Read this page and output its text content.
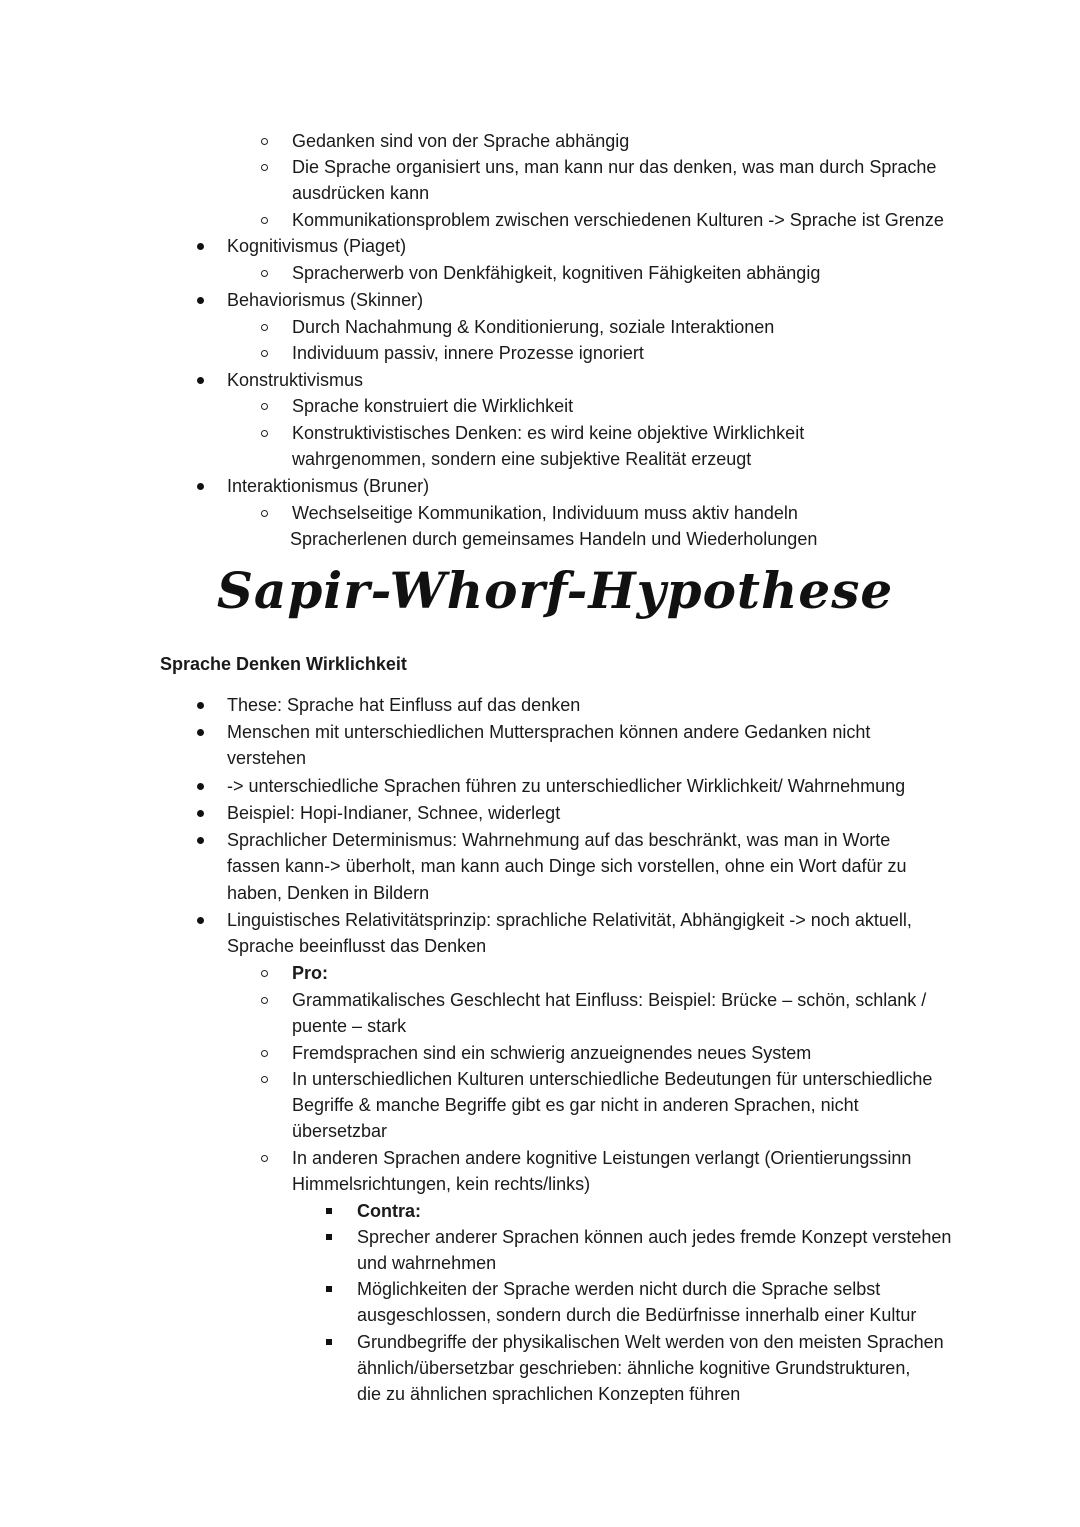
Gedanken sind von der Sprache abhängig
Die Sprache organisiert uns, man kann nur das denken, was man durch Sprache
ausdrücken kann
Kommunikationsproblem zwischen verschiedenen Kulturen -> Sprache ist Grenze
Kognitivismus (Piaget)
Spracherwerb von Denkfähigkeit, kognitiven Fähigkeiten abhängig
Behaviorismus (Skinner)
Durch Nachahmung & Konditionierung, soziale Interaktionen
Individuum passiv, innere Prozesse ignoriert
Konstruktivismus
Sprache konstruiert die Wirklichkeit
Konstruktivistisches Denken: es wird keine objektive Wirklichkeit
wahrgenommen, sondern eine subjektive Realität erzeugt
Interaktionismus (Bruner)
Wechselseitige Kommunikation, Individuum muss aktiv handeln
Spracherlenen durch gemeinsames Handeln und Wiederholungen
Sapir-Whorf-Hypothese
Sprache Denken Wirklichkeit
These: Sprache hat Einfluss auf das denken
Menschen mit unterschiedlichen Muttersprachen können andere Gedanken nicht
verstehen
-> unterschiedliche Sprachen führen zu unterschiedlicher Wirklichkeit/ Wahrnehmung
Beispiel: Hopi-Indianer, Schnee, widerlegt
Sprachlicher Determinismus: Wahrnehmung auf das beschränkt, was man in Worte
fassen kann-> überholt, man kann auch Dinge sich vorstellen, ohne ein Wort dafür zu
haben, Denken in Bildern
Linguistisches Relativitätsprinzip: sprachliche Relativität, Abhängigkeit -> noch aktuell,
Sprache beeinflusst das Denken
Pro:
Grammatikalisches Geschlecht hat Einfluss: Beispiel: Brücke – schön, schlank /
puente – stark
Fremdsprachen sind ein schwierig anzueignendes neues System
In unterschiedlichen Kulturen unterschiedliche Bedeutungen für unterschiedliche
Begriffe & manche Begriffe gibt es gar nicht in anderen Sprachen, nicht
übersetzbar
In anderen Sprachen andere kognitive Leistungen verlangt (Orientierungssinn
Himmelsrichtungen, kein rechts/links)
Contra:
Sprecher anderer Sprachen können auch jedes fremde Konzept verstehen
und wahrnehmen
Möglichkeiten der Sprache werden nicht durch die Sprache selbst
ausgeschlossen, sondern durch die Bedürfnisse innerhalb einer Kultur
Grundbegriffe der physikalischen Welt werden von den meisten Sprachen
ähnlich/übersetzbar geschrieben: ähnliche kognitive Grundstrukturen,
die zu ähnlichen sprachlichen Konzepten führen
